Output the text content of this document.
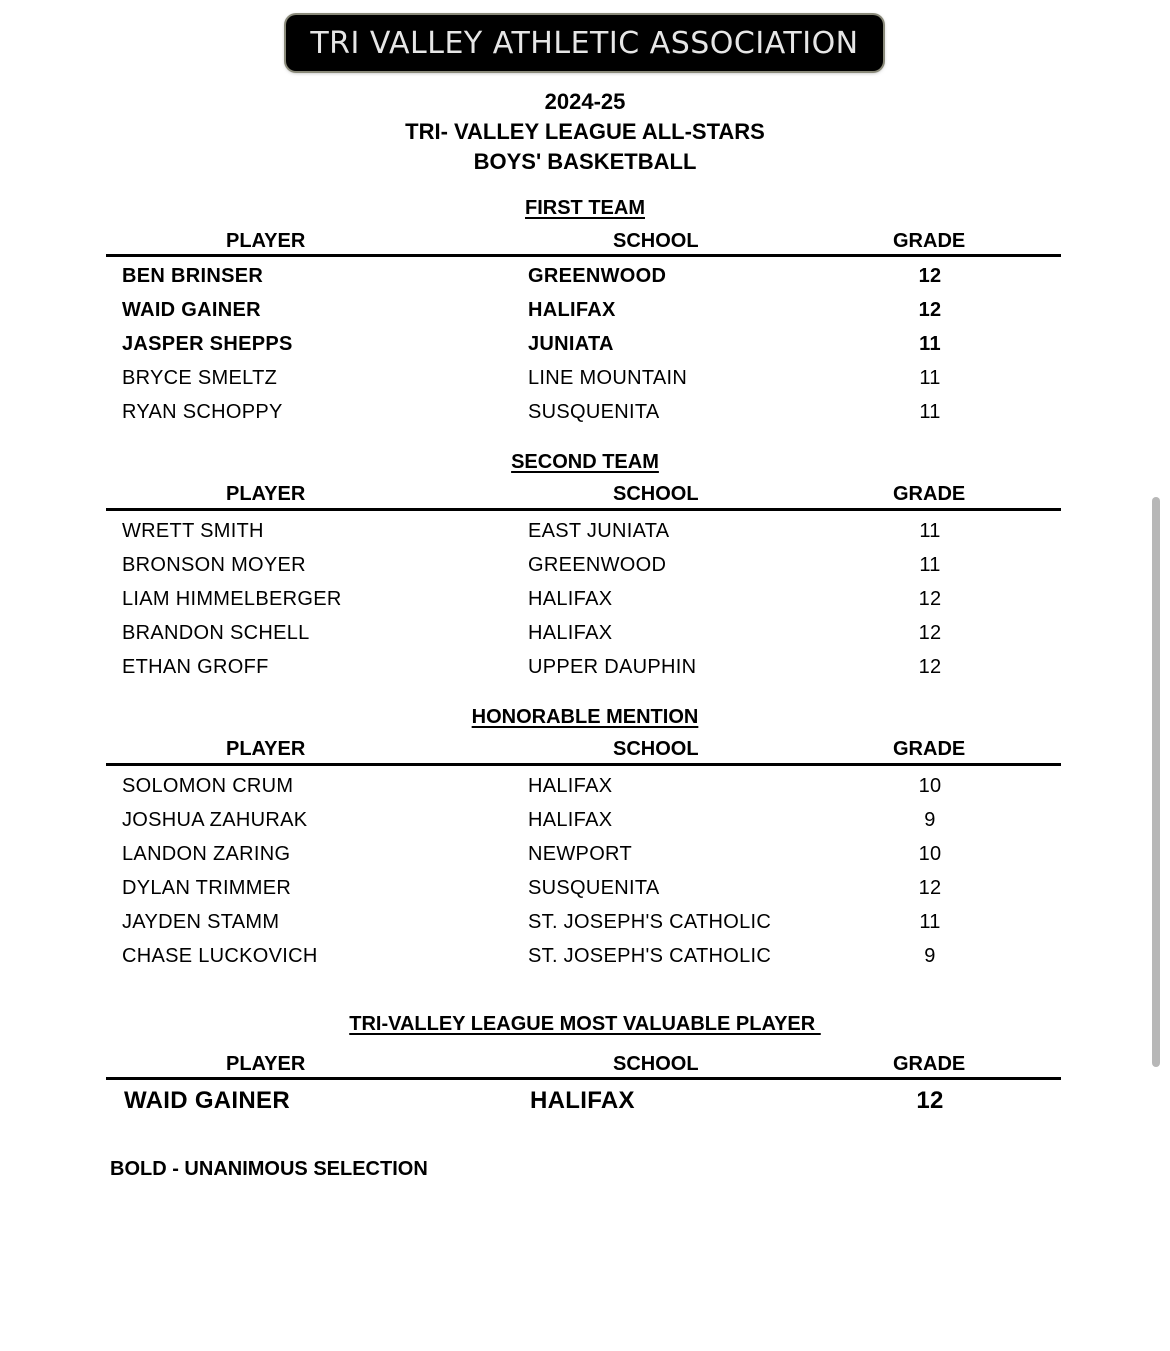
TRI VALLEY ATHLETIC ASSOCIATION
2024-25
TRI- VALLEY LEAGUE ALL-STARS
BOYS' BASKETBALL
FIRST TEAM
PLAYER	SCHOOL	GRADE
BEN BRINSER	GREENWOOD	12
WAID GAINER	HALIFAX	12
JASPER SHEPPS	JUNIATA	11
BRYCE SMELTZ	LINE MOUNTAIN	11
RYAN SCHOPPY	SUSQUENITA	11
SECOND TEAM
PLAYER	SCHOOL	GRADE
WRETT SMITH	EAST JUNIATA	11
BRONSON MOYER	GREENWOOD	11
LIAM HIMMELBERGER	HALIFAX	12
BRANDON SCHELL	HALIFAX	12
ETHAN GROFF	UPPER DAUPHIN	12
HONORABLE MENTION
PLAYER	SCHOOL	GRADE
SOLOMON CRUM	HALIFAX	10
JOSHUA ZAHURAK	HALIFAX	9
LANDON ZARING	NEWPORT	10
DYLAN TRIMMER	SUSQUENITA	12
JAYDEN STAMM	ST. JOSEPH'S CATHOLIC	11
CHASE LUCKOVICH	ST. JOSEPH'S CATHOLIC	9
TRI-VALLEY LEAGUE MOST VALUABLE PLAYER
PLAYER	SCHOOL	GRADE
WAID GAINER	HALIFAX	12
BOLD - UNANIMOUS SELECTION
